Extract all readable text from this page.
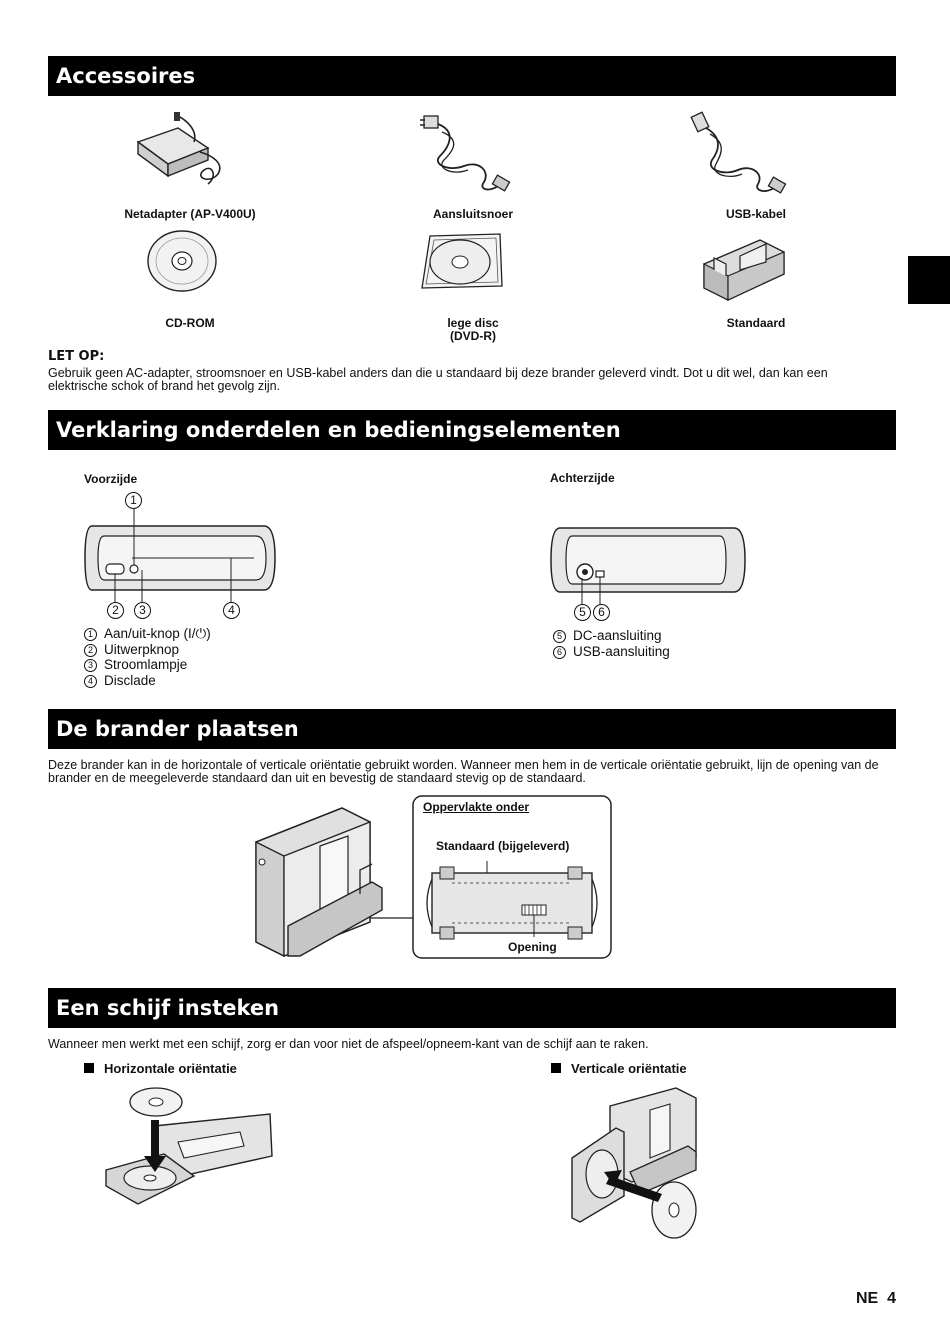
Accessoires
Netadapter (AP-V400U)	Aansluitsnoer	USB-kabel
CD-ROM	lege disc
(DVD-R)
Standaard
LET OP:
Gebruik geen AC-adapter, stroomsnoer en USB-kabel anders dan die u standaard bij deze brander geleverd vindt. Dot u dit wel, dan kan een elektrische schok of brand het gevolg zijn.
Verklaring onderdelen en bedieningselementen
Voorzijde	Achterzijde
1
2	3	4	5	6
1 Aan/uit-knop (I/⏻)
2 Uitwerpknop
3 Stroomlampje
4 Disclade
5 DC-aansluiting
6 USB-aansluiting
De brander plaatsen
Deze brander kan in de horizontale of verticale oriëntatie gebruikt worden. Wanneer men hem in de verticale oriëntatie gebruikt, lijn de opening van de brander en de meegeleverde standaard dan uit en bevestig de standaard stevig op de standaard.
Oppervlakte onder
Standaard (bijgeleverd)
Opening
Een schijf insteken
Wanneer men werkt met een schijf, zorg er dan voor niet de afspeel/opneem-kant van de schijf aan te raken.
Horizontale oriëntatie	Verticale oriëntatie
NE 4
